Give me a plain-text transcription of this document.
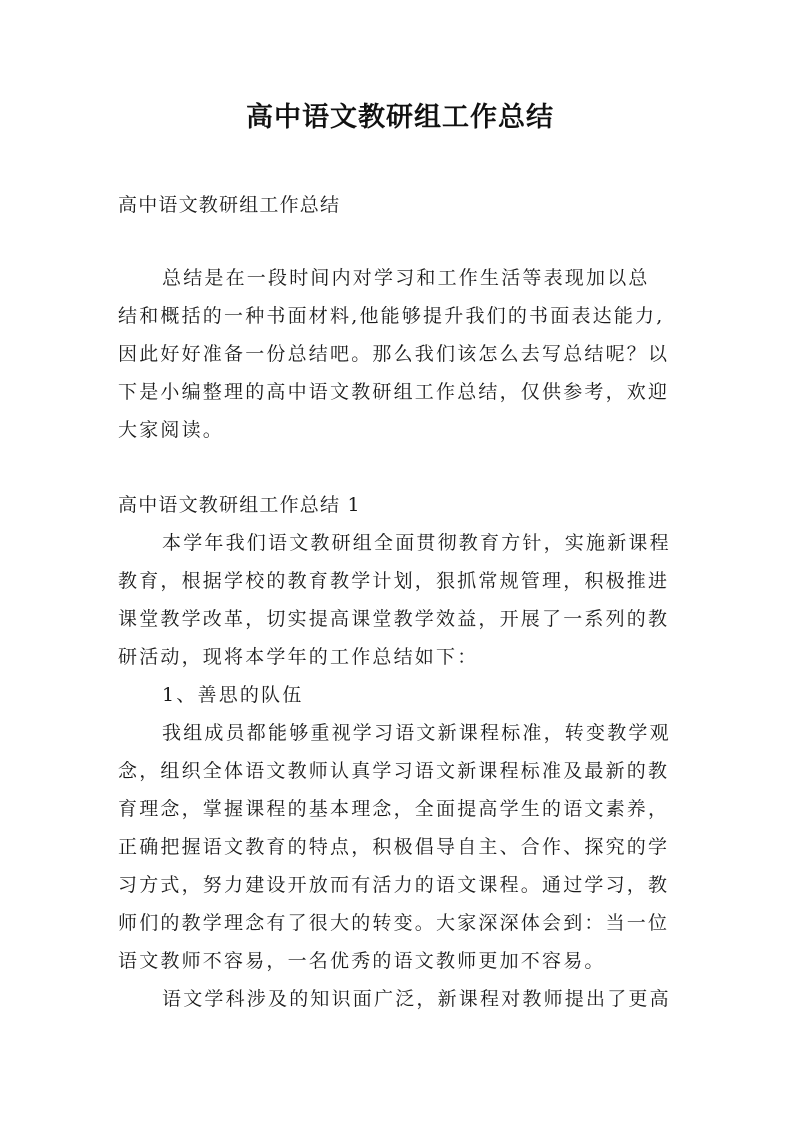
高中语文教研组工作总结
高中语文教研组工作总结
总结是在一段时间内对学习和工作生活等表现加以总
结和概括的一种书面材料,他能够提升我们的书面表达能力,
因此好好准备一份总结吧。那么我们该怎么去写总结呢？以
下是小编整理的高中语文教研组工作总结，仅供参考，欢迎
大家阅读。
高中语文教研组工作总结 1
本学年我们语文教研组全面贯彻教育方针，实施新课程
教育，根据学校的教育教学计划，狠抓常规管理，积极推进
课堂教学改革，切实提高课堂教学效益，开展了一系列的教
研活动，现将本学年的工作总结如下：
1、善思的队伍
我组成员都能够重视学习语文新课程标准，转变教学观
念，组织全体语文教师认真学习语文新课程标准及最新的教
育理念，掌握课程的基本理念，全面提高学生的语文素养，
正确把握语文教育的特点，积极倡导自主、合作、探究的学
习方式，努力建设开放而有活力的语文课程。通过学习，教
师们的教学理念有了很大的转变。大家深深体会到：当一位
语文教师不容易，一名优秀的语文教师更加不容易。
语文学科涉及的知识面广泛，新课程对教师提出了更高
